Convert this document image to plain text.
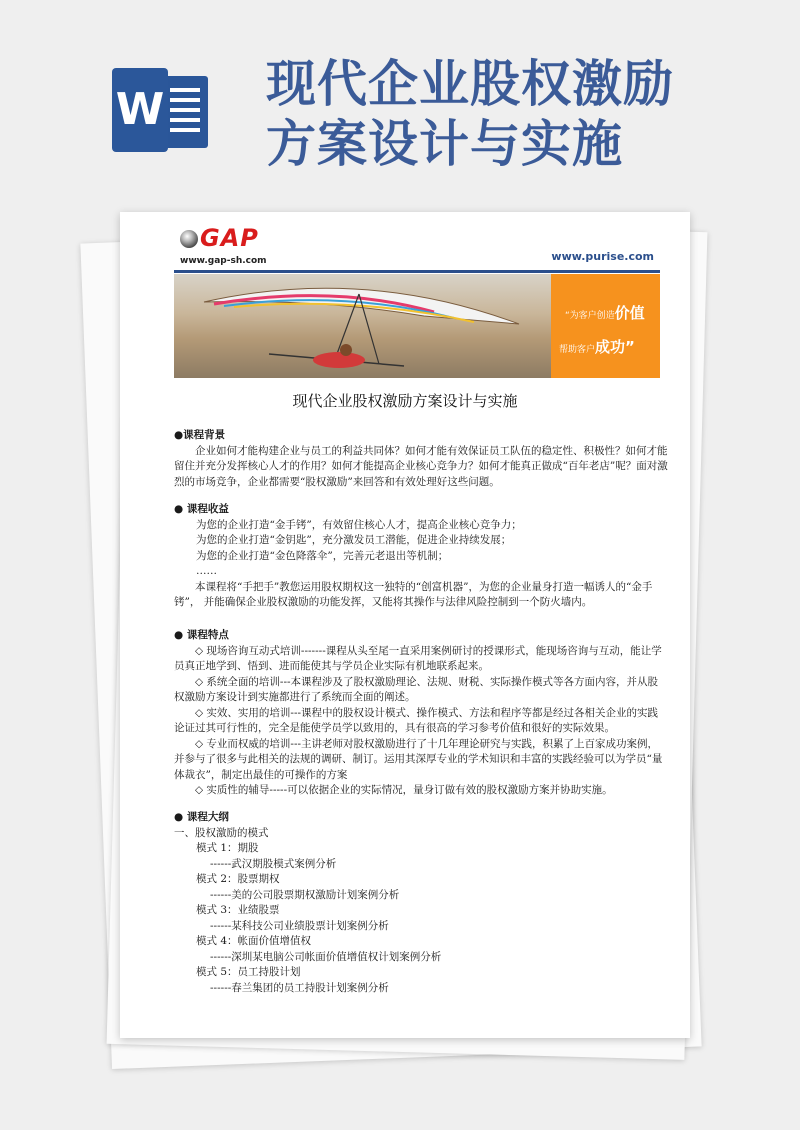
W 现代企业股权激励
方案设计与实施
GAP
www.gap-sh.com	www.purise.com
“为客户创造价值
帮助客户成功”
现代企业股权激励方案设计与实施

●课程背景

企业如何才能构建企业与员工的利益共同体？如何才能有效保证员工队伍的稳定性、积极性？如何才能留住并充分发挥核心人才的作用？如何才能提高企业核心竞争力？如何才能真正做成“百年老店”呢？面对激烈的市场竞争，企业都需要“股权激励”来回答和有效处理好这些问题。

● 课程收益

为您的企业打造“金手铐”，有效留住核心人才，提高企业核心竞争力；

为您的企业打造“金钥匙”，充分激发员工潜能，促进企业持续发展；

为您的企业打造“金色降落伞”，完善元老退出等机制；

……

本课程将“手把手”教您运用股权期权这一独特的“创富机器”，为您的企业量身打造一幅诱人的“金手铐”， 并能确保企业股权激励的功能发挥，又能将其操作与法律风险控制到一个防火墙内。

● 课程特点

◇ 现场咨询互动式培训-------课程从头至尾一直采用案例研讨的授课形式，能现场咨询与互动，能让学员真正地学到、悟到、进而能使其与学员企业实际有机地联系起来。

◇ 系统全面的培训---本课程涉及了股权激励理论、法规、财税、实际操作模式等各方面内容，并从股权激励方案设计到实施都进行了系统而全面的阐述。

◇ 实效、实用的培训---课程中的股权设计模式、操作模式、方法和程序等都是经过各相关企业的实践论证过其可行性的，完全是能使学员学以致用的，具有很高的学习参考价值和很好的实际效果。

◇ 专业而权威的培训---主讲老师对股权激励进行了十几年理论研究与实践，积累了上百家成功案例，并参与了很多与此相关的法规的调研、制订。运用其深厚专业的学术知识和丰富的实践经验可以为学员“量体裁衣”，制定出最佳的可操作的方案

◇ 实质性的辅导-----可以依据企业的实际情况，量身订做有效的股权激励方案并协助实施。

● 课程大纲

一、股权激励的模式

模式 1：期股

------武汉期股模式案例分析

模式 2：股票期权

------美的公司股票期权激励计划案例分析

模式 3：业绩股票

------某科技公司业绩股票计划案例分析

模式 4：帐面价值增值权

------深圳某电脑公司帐面价值增值权计划案例分析

模式 5：员工持股计划

------春兰集团的员工持股计划案例分析
